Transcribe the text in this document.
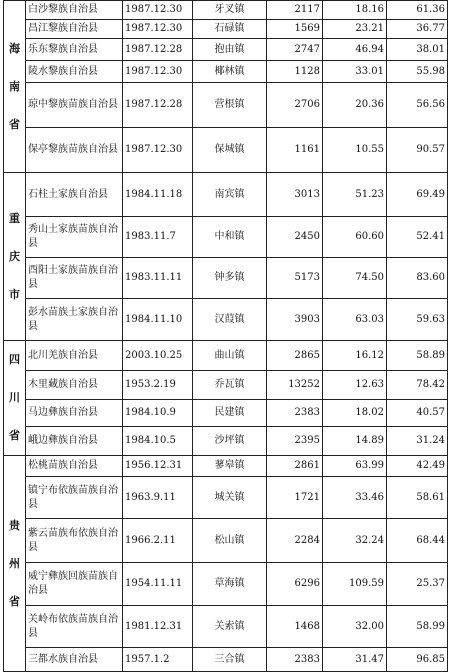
海南省	白沙黎族自治县	1987.12.30	牙叉镇	2117	18.16	61.36
	昌江黎族自治县	1987.12.30	石碌镇	1569	23.21	36.77
	乐东黎族自治县	1987.12.28	抱由镇	2747	46.94	38.01
	陵水黎族自治县	1987.12.30	椰林镇	1128	33.01	55.98
	琼中黎族苗族自治县	1987.12.28	营根镇	2706	20.36	56.56
	保亭黎族苗族自治县	1987.12.30	保城镇	1161	10.55	90.57
重庆市	石柱土家族自治县	1984.11.18	南宾镇	3013	51.23	69.49
	秀山土家族苗族自治县	1983.11.7	中和镇	2450	60.60	52.41
	酉阳土家族苗族自治县	1983.11.11	钟多镇	5173	74.50	83.60
	彭水苗族土家族自治县	1984.11.10	汉葭镇	3903	63.03	59.63
四川省	北川羌族自治县	2003.10.25	曲山镇	2865	16.12	58.89
	木里藏族自治县	1953.2.19	乔瓦镇	13252	12.63	78.42
	马边彝族自治县	1984.10.9	民建镇	2383	18.02	40.57
	峨边彝族自治县	1984.10.5	沙坪镇	2395	14.89	31.24
贵州省	松桃苗族自治县	1956.12.31	蓼皋镇	2861	63.99	42.49
	镇宁布依族苗族自治县	1963.9.11	城关镇	1721	33.46	58.61
	紫云苗族布依族自治县	1966.2.11	松山镇	2284	32.24	68.44
	威宁彝族回族苗族自治县	1954.11.11	草海镇	6296	109.59	25.37
	关岭布依族苗族自治县	1981.12.31	关索镇	1468	32.00	58.99
	三都水族自治县	1957.1.2	三合镇	2383	31.47	96.85
